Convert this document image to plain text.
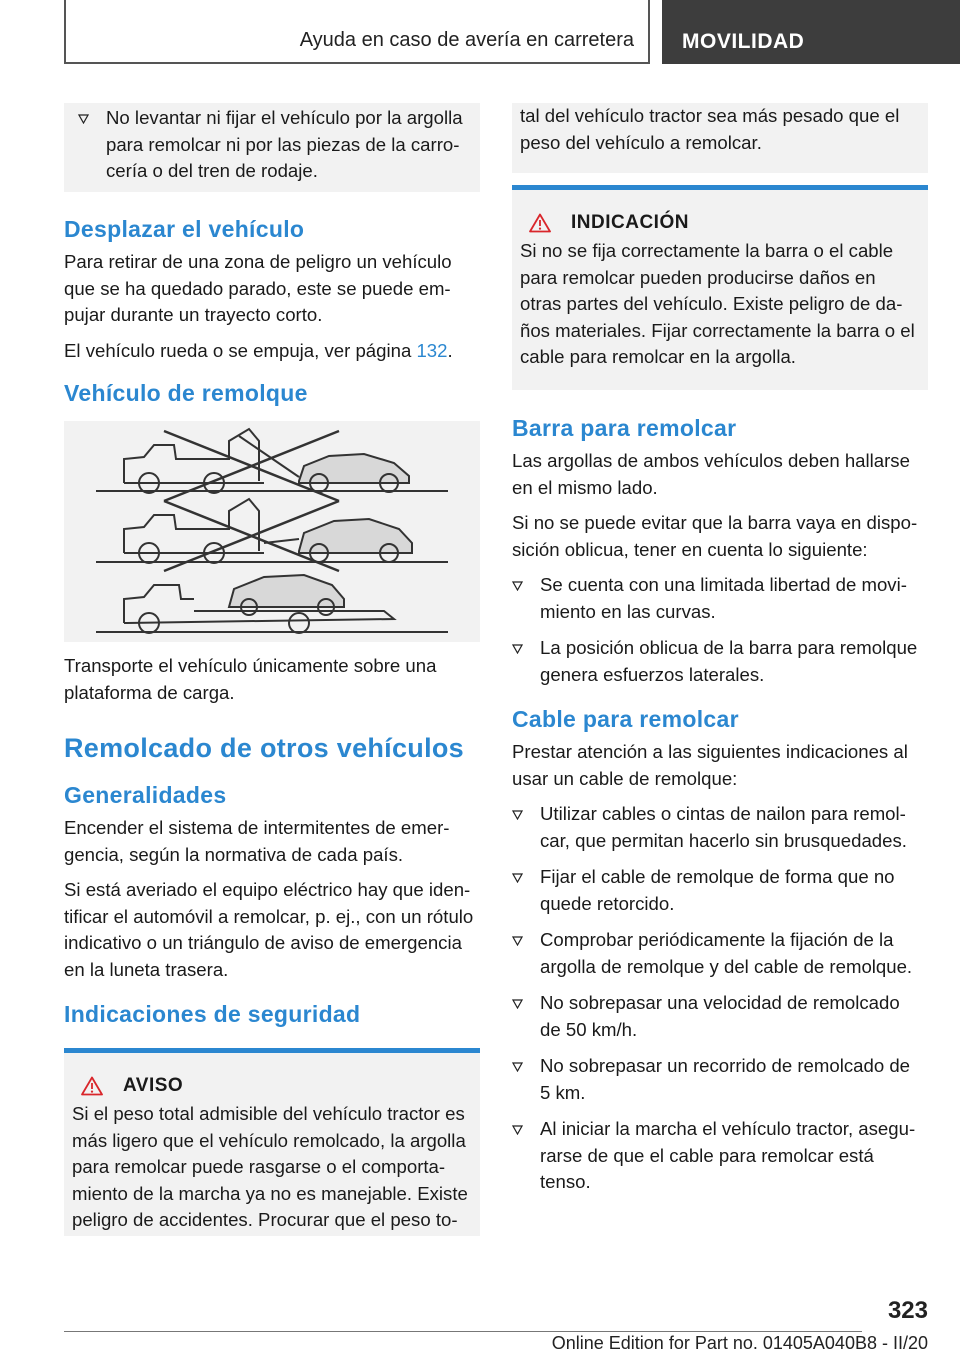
Ayuda en caso de avería en carretera MOVILIDAD
No levantar ni fijar el vehículo por la argolla
para remolcar ni por las piezas de la carro-
cería o del tren de rodaje.
Desplazar el vehículo

Para retirar de una zona de peligro un vehículo
que se ha quedado parado, este se puede em-
pujar durante un trayecto corto.

El vehículo rueda o se empuja, ver página 132.

Vehículo de remolque

Transporte el vehículo únicamente sobre una
plataforma de carga.

Remolcado de otros vehículos
Generalidades

Encender el sistema de intermitentes de emer-
gencia, según la normativa de cada país.

Si está averiado el equipo eléctrico hay que iden-
tificar el automóvil a remolcar, p. ej., con un rótulo
indicativo o un triángulo de aviso de emergencia
en la luneta trasera.

Indicaciones de seguridad
AVISO

Si el peso total admisible del vehículo tractor es
más ligero que el vehículo remolcado, la argolla
para remolcar puede rasgarse o el comporta-
miento de la marcha ya no es manejable. Existe
peligro de accidentes. Procurar que el peso to-

tal del vehículo tractor sea más pesado que el
peso del vehículo a remolcar.

INDICACIÓN

Si no se fija correctamente la barra o el cable
para remolcar pueden producirse daños en
otras partes del vehículo. Existe peligro de da-
ños materiales. Fijar correctamente la barra o el
cable para remolcar en la argolla.

Barra para remolcar

Las argollas de ambos vehículos deben hallarse
en el mismo lado.

Si no se puede evitar que la barra vaya en dispo-
sición oblicua, tener en cuenta lo siguiente:

Se cuenta con una limitada libertad de movi-
miento en las curvas.
La posición oblicua de la barra para remolque
genera esfuerzos laterales.
Cable para remolcar

Prestar atención a las siguientes indicaciones al
usar un cable de remolque:

Utilizar cables o cintas de nailon para remol-
car, que permitan hacerlo sin brusquedades.
Fijar el cable de remolque de forma que no
quede retorcido.
Comprobar periódicamente la fijación de la
argolla de remolque y del cable de remolque.
No sobrepasar una velocidad de remolcado
de 50 km/h.
No sobrepasar un recorrido de remolcado de
5 km.
Al iniciar la marcha el vehículo tractor, asegu-
rarse de que el cable para remolcar está
tenso.
323
Online Edition for Part no. 01405A040B8 - II/20
